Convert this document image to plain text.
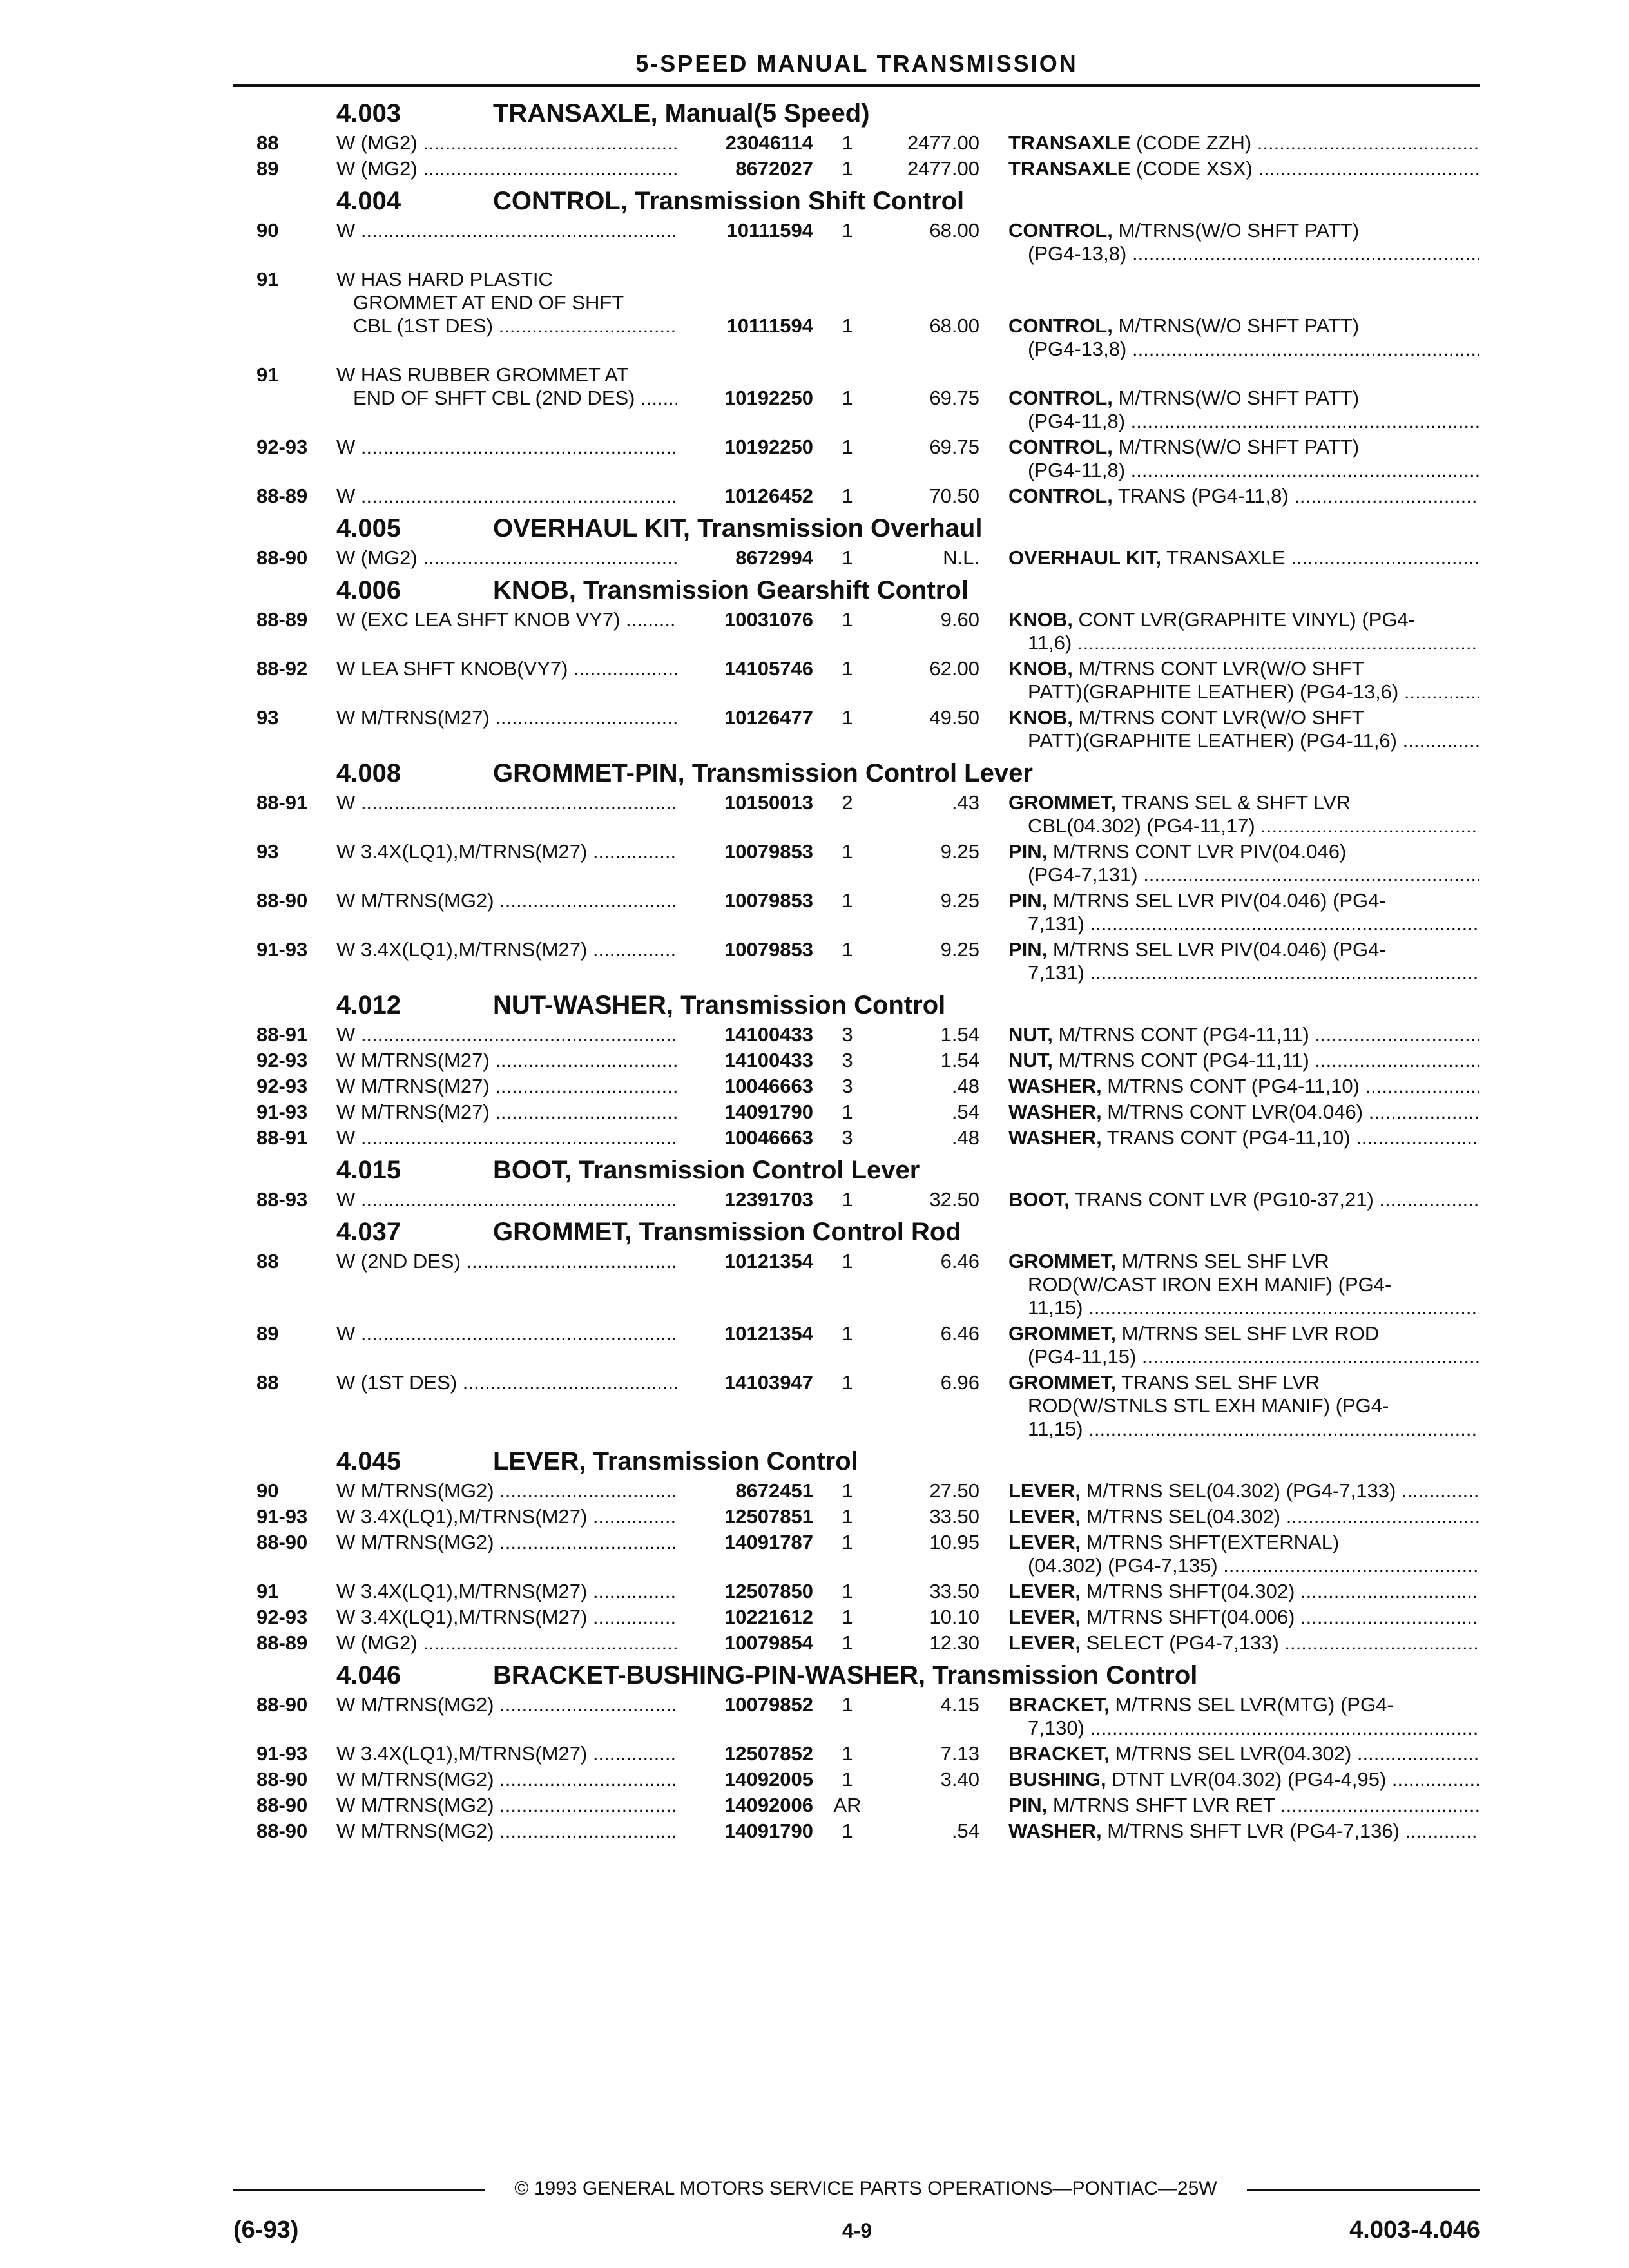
5-SPEED MANUAL TRANSMISSION
4.003	TRANSAXLE, Manual(5 Speed)
88	W (MG2) .....	23046114	1	2477.00 TRANSAXLE (CODE ZZH) .....
89	W (MG2) .....	8672027	1	2477.00 TRANSAXLE (CODE XSX) .....
4.004	CONTROL, Transmission Shift Control
90	W .....	10111594	1	68.00 CONTROL, M/TRNS(W/O SHFT PATT)
(PG4-13,8) .....
91	W HAS HARD PLASTIC
GROMMET AT END OF SHFT
CBL (1ST DES) .....	10111594	1	68.00 CONTROL, M/TRNS(W/O SHFT PATT)
(PG4-13,8) .....
91	W HAS RUBBER GROMMET AT
END OF SHFT CBL (2ND DES) .....	10192250	1	69.75 CONTROL, M/TRNS(W/O SHFT PATT)
(PG4-11,8) .....
92-93 W .....	10192250	1	69.75 CONTROL, M/TRNS(W/O SHFT PATT)
(PG4-11,8) .....
88-89 W .....	10126452	1	70.50 CONTROL, TRANS (PG4-11,8) .....
4.005	OVERHAUL KIT, Transmission Overhaul
88-90 W (MG2) .....	8672994	1	N.L. OVERHAUL KIT, TRANSAXLE .....
4.006	KNOB, Transmission Gearshift Control
88-89 W (EXC LEA SHFT KNOB VY7) .....	10031076	1	9.60 KNOB, CONT LVR(GRAPHITE VINYL) (PG4-
11,6) .....
88-92 W LEA SHFT KNOB(VY7) .....	14105746	1	62.00 KNOB, M/TRNS CONT LVR(W/O SHFT
PATT)(GRAPHITE LEATHER) (PG4-13,6) .....
93	W M/TRNS(M27) .....	10126477	1	49.50 KNOB, M/TRNS CONT LVR(W/O SHFT
PATT)(GRAPHITE LEATHER) (PG4-11,6) .....
4.008	GROMMET-PIN, Transmission Control Lever
88-91 W .....	10150013	2	.43 GROMMET, TRANS SEL & SHFT LVR
CBL(04.302) (PG4-11,17) .....
93	W 3.4X(LQ1),M/TRNS(M27) .....	10079853	1	9.25 PIN, M/TRNS CONT LVR PIV(04.046)
(PG4-7,131) .....
88-90 W M/TRNS(MG2) .....	10079853	1	9.25 PIN, M/TRNS SEL LVR PIV(04.046) (PG4-
7,131) .....
91-93 W 3.4X(LQ1),M/TRNS(M27) .....	10079853	1	9.25 PIN, M/TRNS SEL LVR PIV(04.046) (PG4-
7,131) .....
4.012	NUT-WASHER, Transmission Control
88-91 W .....	14100433	3	1.54 NUT, M/TRNS CONT (PG4-11,11) .....
92-93 W M/TRNS(M27) .....	14100433	3	1.54 NUT, M/TRNS CONT (PG4-11,11) .....
92-93 W M/TRNS(M27) .....	10046663	3	.48 WASHER, M/TRNS CONT (PG4-11,10) .....
91-93 W M/TRNS(M27) .....	14091790	1	.54 WASHER, M/TRNS CONT LVR(04.046) .....
88-91 W .....	10046663	3	.48 WASHER, TRANS CONT (PG4-11,10) .....
4.015	BOOT, Transmission Control Lever
88-93 W .....	12391703	1	32.50 BOOT, TRANS CONT LVR (PG10-37,21) .....
4.037	GROMMET, Transmission Control Rod
88	W (2ND DES) .....	10121354	1	6.46 GROMMET, M/TRNS SEL SHF LVR
ROD(W/CAST IRON EXH MANIF) (PG4-
11,15) .....
89	W .....	10121354	1	6.46 GROMMET, M/TRNS SEL SHF LVR ROD
(PG4-11,15) .....
88	W (1ST DES) .....	14103947	1	6.96 GROMMET, TRANS SEL SHF LVR
ROD(W/STNLS STL EXH MANIF) (PG4-
11,15) .....
4.045	LEVER, Transmission Control
90	W M/TRNS(MG2) .....	8672451	1	27.50 LEVER, M/TRNS SEL(04.302) (PG4-7,133) .....
91-93 W 3.4X(LQ1),M/TRNS(M27) .....	12507851	1	33.50 LEVER, M/TRNS SEL(04.302) .....
88-90 W M/TRNS(MG2) .....	14091787	1	10.95 LEVER, M/TRNS SHFT(EXTERNAL)
(04.302) (PG4-7,135) .....
91	W 3.4X(LQ1),M/TRNS(M27) .....	12507850	1	33.50 LEVER, M/TRNS SHFT(04.302) .....
92-93 W 3.4X(LQ1),M/TRNS(M27) .....	10221612	1	10.10 LEVER, M/TRNS SHFT(04.006) .....
88-89 W (MG2) .....	10079854	1	12.30 LEVER, SELECT (PG4-7,133) .....
4.046	BRACKET-BUSHING-PIN-WASHER, Transmission Control
88-90 W M/TRNS(MG2) .....	10079852	1	4.15 BRACKET, M/TRNS SEL LVR(MTG) (PG4-
7,130) .....
91-93 W 3.4X(LQ1),M/TRNS(M27) .....	12507852	1	7.13 BRACKET, M/TRNS SEL LVR(04.302) .....
88-90 W M/TRNS(MG2) .....	14092005	1	3.40 BUSHING, DTNT LVR(04.302) (PG4-4,95) .....
88-90 W M/TRNS(MG2) .....	14092006 AR	PIN, M/TRNS SHFT LVR RET .....
88-90 W M/TRNS(MG2) .....	14091790	1	.54 WASHER, M/TRNS SHFT LVR (PG4-7,136) .....
© 1993 GENERAL MOTORS SERVICE PARTS OPERATIONS—PONTIAC—25W
(6-93)	4-9	4.003-4.046
